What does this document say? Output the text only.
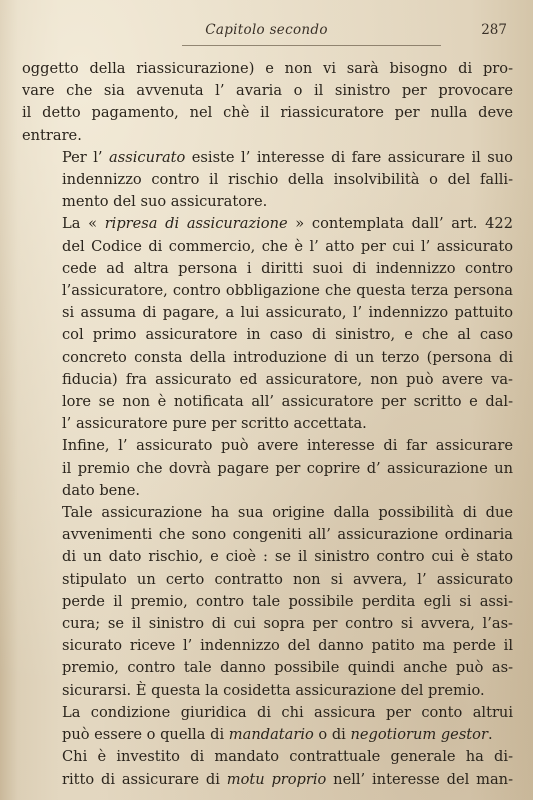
Capitolo secondo	287

oggetto della riassicurazione) e non vi sarà bisogno di pro-
vare che sia avvenuta l’ avaria o il sinistro per provocare
il detto pagamento, nel chè il riassicuratore per nulla deve
entrare.

Per l’ assicurato esiste l’ interesse di fare assicurare il suo
indennizzo contro il rischio della insolvibilità o del falli-
mento del suo assicuratore.

La « ripresa di assicurazione » contemplata dall’ art. 422
del Codice di commercio, che è l’ atto per cui l’ assicurato
cede ad altra persona i diritti suoi di indennizzo contro
l’assicuratore, contro obbligazione che questa terza persona
si assuma di pagare, a lui assicurato, l’ indennizzo pattuito
col primo assicuratore in caso di sinistro, e che al caso
concreto consta della introduzione di un terzo (persona di
fiducia) fra assicurato ed assicuratore, non può avere va-
lore se non è notificata all’ assicuratore per scritto e dal-
l’ assicuratore pure per scritto accettata.

Infine, l’ assicurato può avere interesse di far assicurare
il premio che dovrà pagare per coprire d’ assicurazione un
dato bene.

Tale assicurazione ha sua origine dalla possibilità di due
avvenimenti che sono congeniti all’ assicurazione ordinaria
di un dato rischio, e cioè : se il sinistro contro cui è stato
stipulato un certo contratto non si avvera, l’ assicurato
perde il premio, contro tale possibile perdita egli si assi-
cura; se il sinistro di cui sopra per contro si avvera, l’as-
sicurato riceve l’ indennizzo del danno patito ma perde il
premio, contro tale danno possibile quindi anche può as-
sicurarsi. È questa la cosidetta assicurazione del premio.

La condizione giuridica di chi assicura per conto altrui
può essere o quella di mandatario o di negotiorum gestor.

Chi è investito di mandato contrattuale generale ha di-
ritto di assicurare di motu proprio nell’ interesse del man-
